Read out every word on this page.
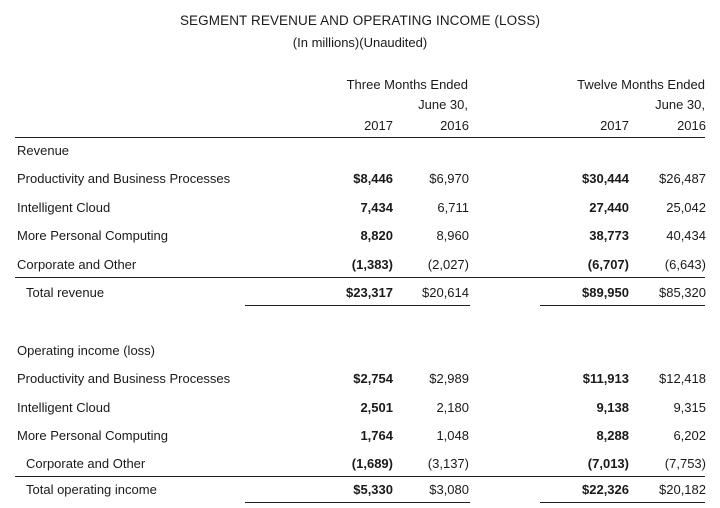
SEGMENT REVENUE AND OPERATING INCOME (LOSS)
(In millions)(Unaudited)
Three Months Ended
June 30,
Twelve Months Ended
June 30,
2017	2016	2017	2016
Revenue
Productivity and Business Processes	$8,446	$6,970	$30,444	$26,487
Intelligent Cloud	7,434	6,711	27,440	25,042
More Personal Computing	8,820	8,960	38,773	40,434
Corporate and Other	(1,383)	(2,027)	(6,707)	(6,643)
Total revenue	$23,317	$20,614	$89,950	$85,320
Operating income (loss)
Productivity and Business Processes	$2,754	$2,989	$11,913	$12,418
Intelligent Cloud	2,501	2,180	9,138	9,315
More Personal Computing	1,764	1,048	8,288	6,202
Corporate and Other	(1,689)	(3,137)	(7,013)	(7,753)
Total operating income	$5,330	$3,080	$22,326	$20,182
